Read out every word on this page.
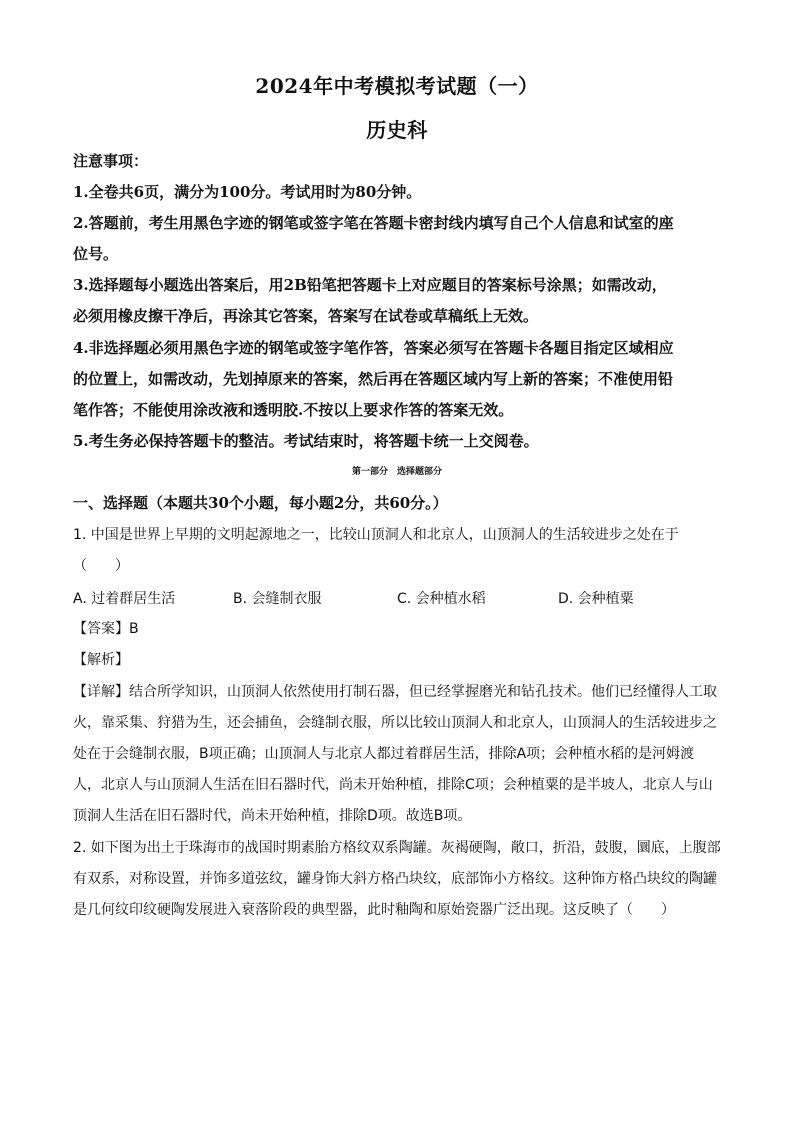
2024年中考模拟考试题（一）
历史科
注意事项：
1.全卷共6页，满分为100分。考试用时为80分钟。
2.答题前，考生用黑色字迹的钢笔或签字笔在答题卡密封线内填写自己个人信息和试室的座
位号。
3.选择题每小题选出答案后，用2B铅笔把答题卡上对应题目的答案标号涂黑；如需改动，
必须用橡皮擦干净后，再涂其它答案，答案写在试卷或草稿纸上无效。
4.非选择题必须用黑色字迹的钢笔或签字笔作答，答案必须写在答题卡各题目指定区域相应
的位置上，如需改动，先划掉原来的答案，然后再在答题区域内写上新的答案；不准使用铅
笔作答；不能使用涂改液和透明胶.不按以上要求作答的答案无效。
5.考生务必保持答题卡的整洁。考试结束时，将答题卡统一上交阅卷。
第一部分　选择题部分
一、选择题（本题共30个小题，每小题2分，共60分。）
1. 中国是世界上早期的文明起源地之一，比较山顶洞人和北京人，山顶洞人的生活较进步之处在于
（　　）
A. 过着群居生活	B. 会缝制衣服	C. 会种植水稻	D. 会种植粟
【答案】B
【解析】
【详解】结合所学知识，山顶洞人依然使用打制石器，但已经掌握磨光和钻孔技术。他们已经懂得人工取
火，靠采集、狩猎为生，还会捕鱼，会缝制衣服，所以比较山顶洞人和北京人，山顶洞人的生活较进步之
处在于会缝制衣服，B项正确；山顶洞人与北京人都过着群居生活，排除A项；会种植水稻的是河姆渡
人，北京人与山顶洞人生活在旧石器时代，尚未开始种植，排除C项；会种植粟的是半坡人，北京人与山
顶洞人生活在旧石器时代，尚未开始种植，排除D项。故选B项。
2. 如下图为出土于珠海市的战国时期素胎方格纹双系陶罐。灰褐硬陶，敞口，折沿，鼓腹，圜底，上腹部
有双系，对称设置，并饰多道弦纹，罐身饰大斜方格凸块纹，底部饰小方格纹。这种饰方格凸块纹的陶罐
是几何纹印纹硬陶发展进入衰落阶段的典型器，此时釉陶和原始瓷器广泛出现。这反映了（　　）
